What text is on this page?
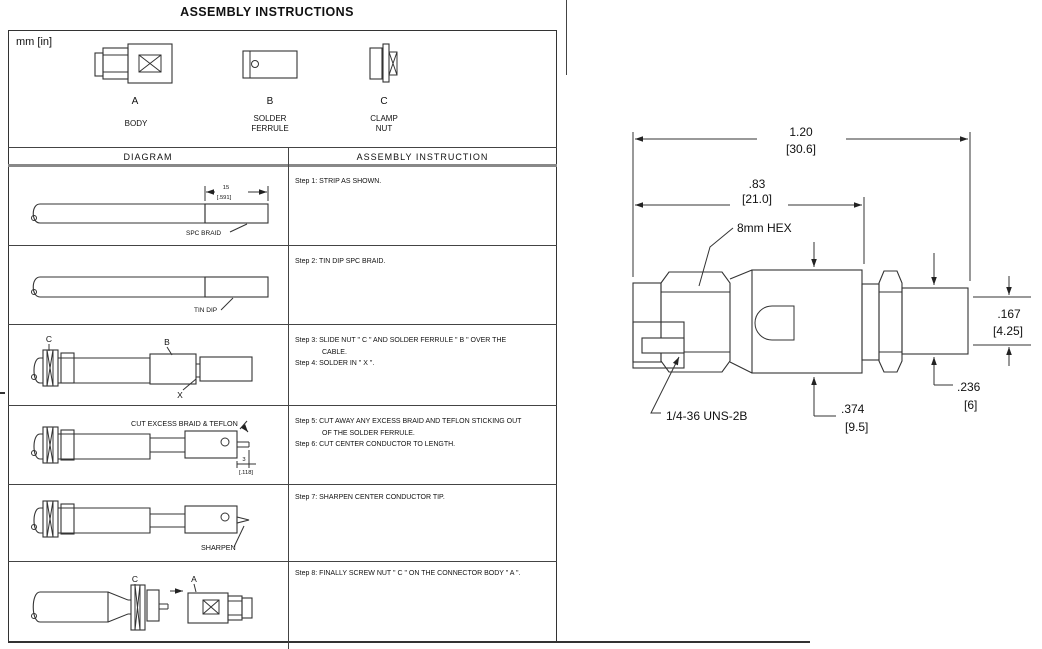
ASSEMBLY INSTRUCTIONS
mm [in]
DIAGRAM	ASSEMBLY INSTRUCTION
Step 1: STRIP AS SHOWN.
Step 2: TIN DIP SPC BRAID.
Step 3: SLIDE NUT " C " AND SOLDER FERRULE " B " OVER THE
CABLE.
Step 4: SOLDER IN " X ".
Step 5: CUT AWAY ANY EXCESS BRAID AND TEFLON STICKING OUT
OF THE SOLDER FERRULE.
Step 6: CUT CENTER CONDUCTOR TO LENGTH.
Step 7: SHARPEN CENTER CONDUCTOR TIP.
Step 8: FINALLY SCREW NUT " C " ON THE CONNECTOR BODY " A ".
A
BODY
B
SOLDER
FERRULE
C
CLAMP
NUT
15
[.591]
SPC BRAID
TIN DIP
C	B
X
CUT EXCESS BRAID & TEFLON
3
[.118]
SHARPEN
C	A
1.20
[30.6]
.83
[21.0]
8mm HEX
1/4-36 UNS-2B	.374
[9.5]
.236
[6]
.167
[4.25]
